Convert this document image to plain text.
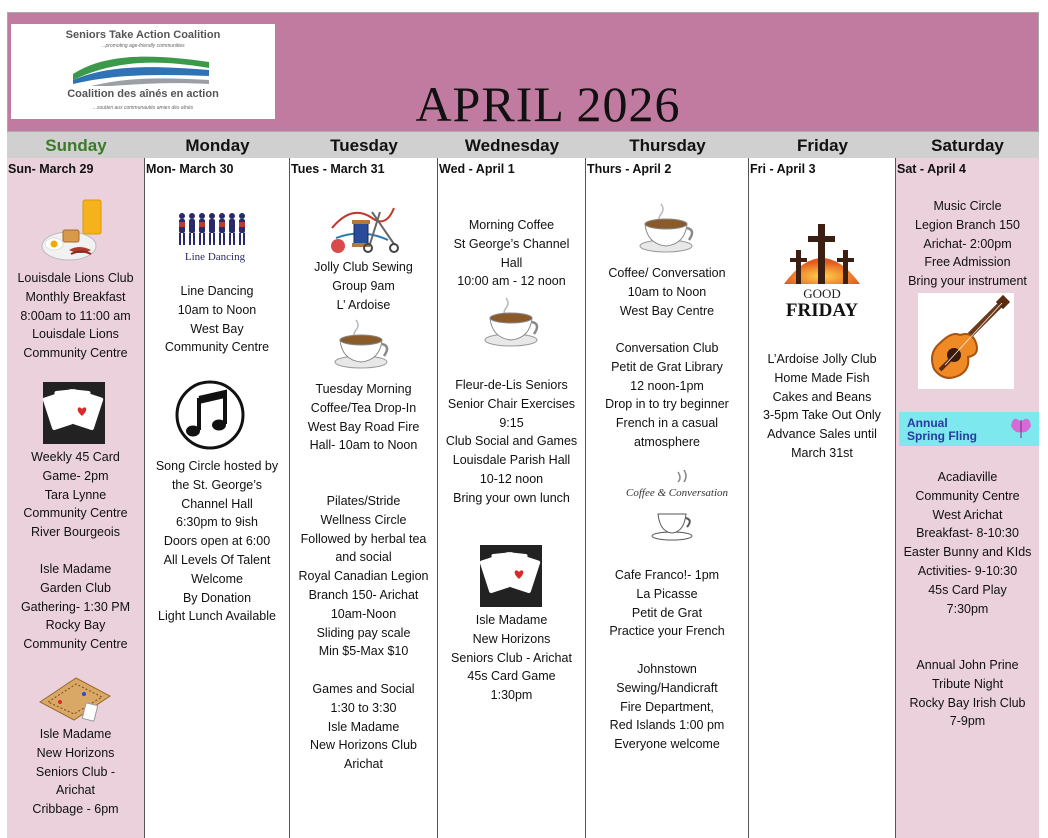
Seniors Take Action Coalition
...promoting age-friendly communities
Coalition des aînés en action
...soutien aux communautés amies des aînés	APRIL 2026
Sunday	Monday	Tuesday	Wednesday	Thursday	Friday	Saturday
Sun- March 29
Louisdale Lions Club
Monthly Breakfast
8:00am to 11:00 am
Louisdale Lions
Community Centre
Weekly 45 Card
Game- 2pm
Tara Lynne
Community Centre
River Bourgeois
Isle Madame
Garden Club
Gathering- 1:30 PM
Rocky Bay
Community Centre
Isle Madame
New Horizons
Seniors Club -
Arichat
Cribbage - 6pm
Mon- March 30
Line Dancing
Line Dancing
10am to Noon
West Bay
Community Centre
Song Circle hosted by
the St. George’s
Channel Hall
6:30pm to 9ish
Doors open at 6:00
All Levels Of Talent
Welcome
By Donation
Light Lunch Available
Tues - March 31
Jolly Club Sewing
Group 9am
L’ Ardoise
Tuesday Morning
Coffee/Tea Drop-In
West Bay Road Fire
Hall- 10am to Noon
Pilates/Stride
Wellness Circle
Followed by herbal tea
and social
Royal Canadian Legion
Branch 150- Arichat
10am-Noon
Sliding pay scale
Min $5-Max $10
Games and Social
1:30 to 3:30
Isle Madame
New Horizons Club
Arichat
Wed - April 1
Morning Coffee
St George’s Channel
Hall
10:00 am - 12 noon
Fleur-de-Lis Seniors
Senior Chair Exercises
9:15
Club Social and Games
Louisdale Parish Hall
10-12 noon
Bring your own lunch
Isle Madame
New Horizons
Seniors Club - Arichat
45s Card Game
1:30pm
Thurs - April 2
Coffee/ Conversation
10am to Noon
West Bay Centre
Conversation Club
Petit de Grat Library
12 noon-1pm
Drop in to try beginner
French in a casual
atmosphere
Coffee & Conversation
Cafe Franco!- 1pm
La Picasse
Petit de Grat
Practice your French
Johnstown
Sewing/Handicraft
Fire Department,
Red Islands 1:00 pm
Everyone welcome
Fri - April 3
GOOD
FRIDAY
L’Ardoise Jolly Club
Home Made Fish
Cakes and Beans
3-5pm Take Out Only
Advance Sales until
March 31st
Sat - April 4
Music Circle
Legion Branch 150
Arichat- 2:00pm
Free Admission
Bring your instrument
Annual
Spring Fling
Acadiaville
Community Centre
West Arichat
Breakfast- 8-10:30
Easter Bunny and KIds
Activities- 9-10:30
45s Card Play
7:30pm
Annual John Prine
Tribute Night
Rocky Bay Irish Club
7-9pm
